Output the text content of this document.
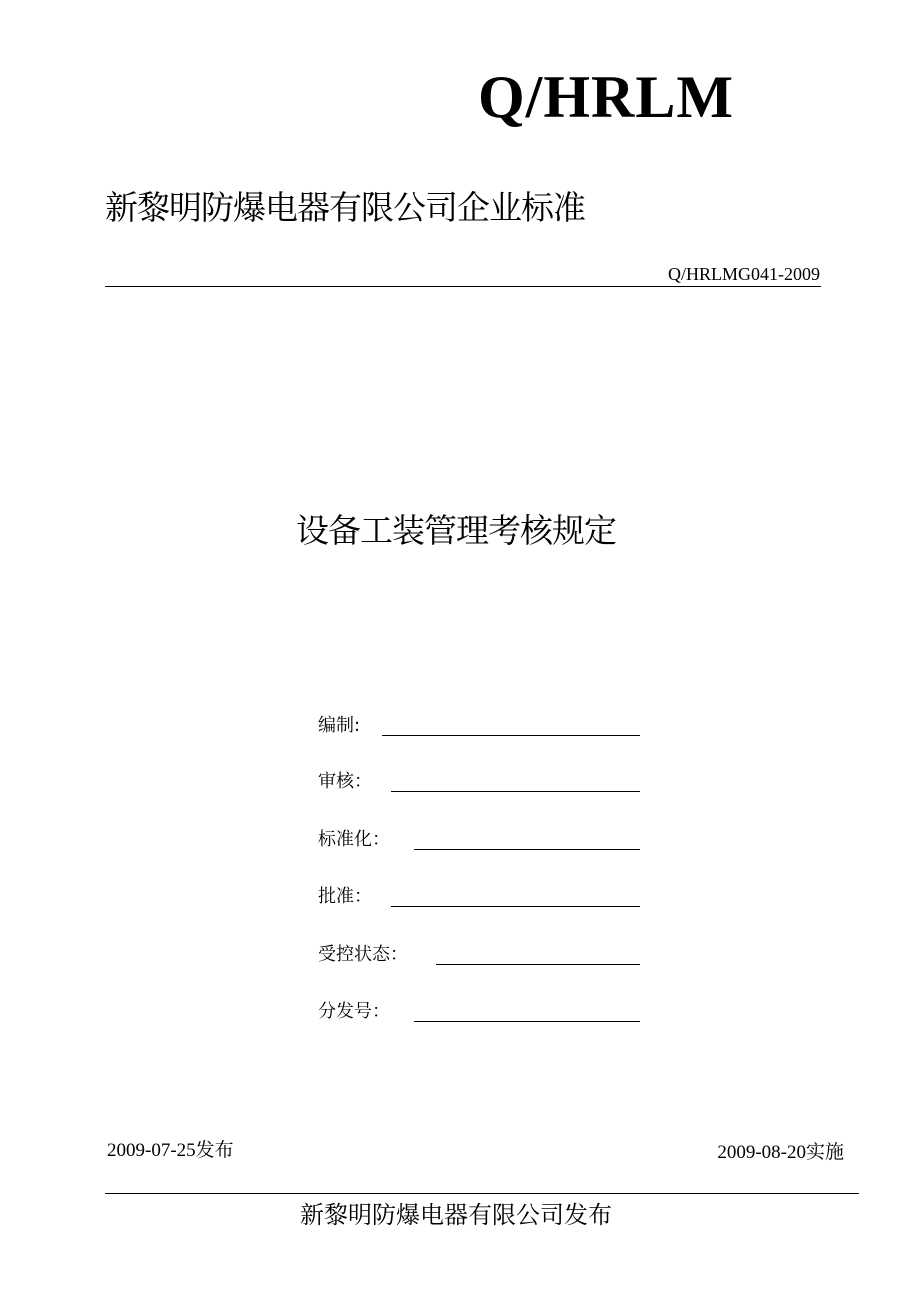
Q/HRLM
新黎明防爆电器有限公司企业标准
Q/HRLMG041-2009
设备工装管理考核规定
编制:
审核：
标准化：
批准：
受控状态：
分发号：
2009-07-25发布	2009-08-20实施
新黎明防爆电器有限公司发布
